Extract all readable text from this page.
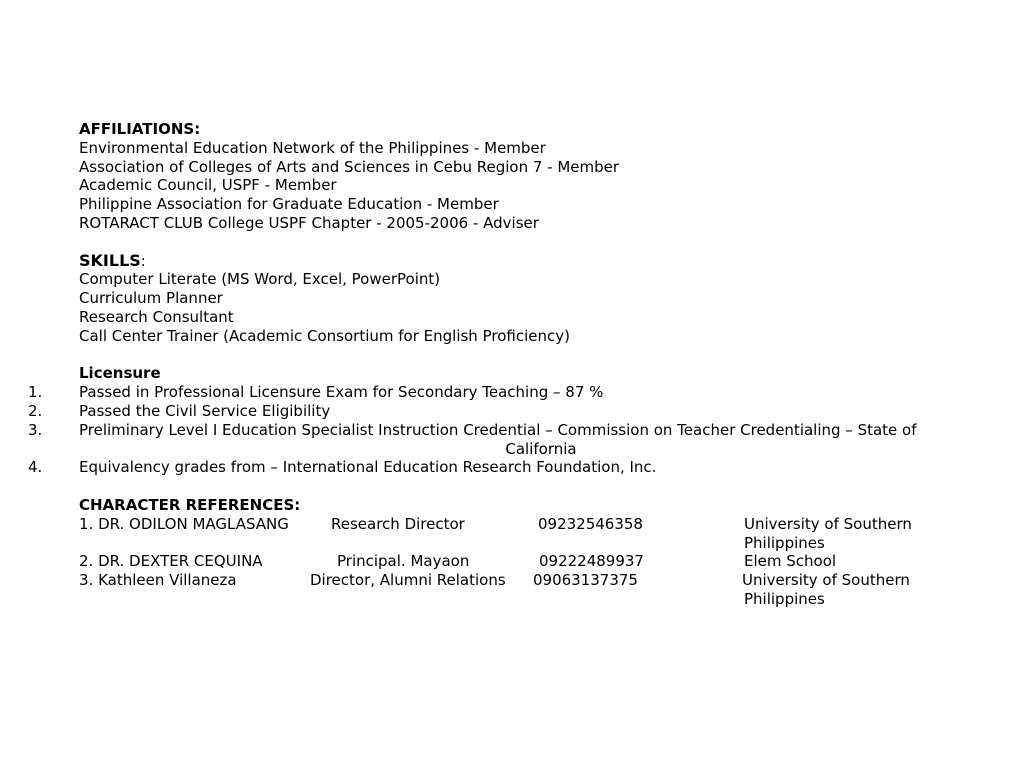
AFFILIATIONS:
Environmental Education Network of the Philippines - Member
Association of Colleges of Arts and Sciences in Cebu Region 7 - Member
Academic Council, USPF - Member
Philippine Association for Graduate Education - Member
ROTARACT CLUB College USPF Chapter - 2005-2006 - Adviser
SKILLS:
Computer Literate (MS Word, Excel, PowerPoint)
Curriculum Planner
Research Consultant
Call Center Trainer (Academic Consortium for English Proficiency)
Licensure
1. Passed in Professional Licensure Exam for Secondary Teaching – 87 %
2. Passed the Civil Service Eligibility
3. Preliminary Level I Education Specialist Instruction Credential – Commission on Teacher Credentialing – State of
California
4. Equivalency grades from – International Education Research Foundation, Inc.
CHARACTER REFERENCES:
1. DR. ODILON MAGLASANG	Research Director	09232546358	University of Southern
Philippines
2. DR. DEXTER CEQUINA	Principal. Mayaon	09222489937	Elem School
3. Kathleen Villaneza	Director, Alumni Relations 09063137375	University of Southern
Philippines
